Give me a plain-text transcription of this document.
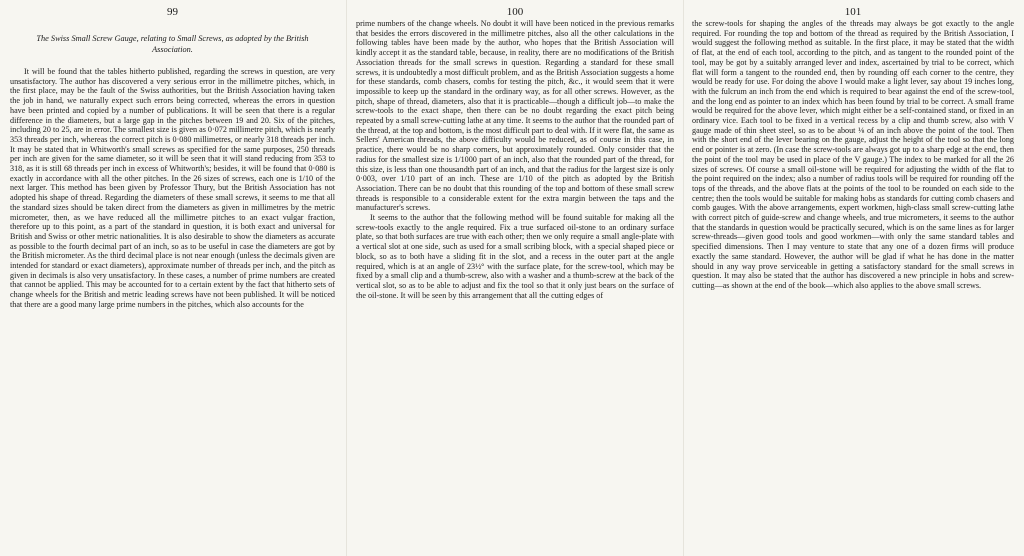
99
The Swiss Small Screw Gauge, relating to Small Screws, as adopted by the British Association.

It will be found that the tables hitherto published, regarding the screws in question, are very unsatisfactory. The author has discovered a very serious error in the millimetre pitches, which, in the first place, may be the fault of the Swiss authorities, but the British Association having taken the job in hand, we naturally expect such errors being corrected, whereas the errors in question have been printed and copied by a number of publications. It will be seen that there is a regular difference in the diameters, but a large gap in the pitches between 19 and 20. Six of the pitches, including 20 to 25, are in error. The smallest size is given as 0·072 millimetre pitch, which is nearly 353 threads per inch, whereas the correct pitch is 0·080 millimetres, or nearly 318 threads per inch. It may be stated that in Whitworth's small screws as specified for the same purposes, 250 threads per inch are given for the same diameter, so it will be seen that it will stand reducing from 353 to 318, as it is still 68 threads per inch in excess of Whitworth's; besides, it will be found that 0·080 is exactly in accordance with all the other pitches. In the 26 sizes of screws, each one is 1/10 of the next larger. This method has been given by Professor Thury, but the British Association has not adopted his shape of thread. Regarding the diameters of these small screws, it seems to me that all the standard sizes should be taken direct from the diameters as given in millimetres by the metric micrometer, then, as we have reduced all the millimetre pitches to an exact vulgar fraction, therefore up to this point, as a part of the standard in question, it is both exact and universal for British and Swiss or other metric nationalities. It is also desirable to show the diameters as accurate as possible to the fourth decimal part of an inch, so as to be useful in case the diameters are got by the British micrometer. As the third decimal place is not near enough (unless the decimals given are intended for standard or exact diameters), approximate number of threads per inch, and the pitch as given in decimals is also very unsatisfactory. In these cases, a number of prime numbers are created that cannot be applied. This may be accounted for to a certain extent by the fact that hitherto sets of change wheels for the British and metric leading screws have not been published. It will be noticed that there are a good many large prime numbers in the pitches, which also accounts for the

100

prime numbers of the change wheels. No doubt it will have been noticed in the previous remarks that besides the errors discovered in the millimetre pitches, also all the other calculations in the following tables have been made by the author, who hopes that the British Association will kindly accept it as the standard table, because, in reality, there are no modifications of the British Association threads for the small screws in question. Regarding a standard for these small screws, it is undoubtedly a most difficult problem, and as the British Association suggests a home for these standards, comb chasers, combs for testing the pitch, &c., it would seem that it were impossible to keep up the standard in the ordinary way, as for all other screws. However, as the pitch, shape of thread, diameters, also that it is practicable—though a difficult job—to make the screw-tools to the exact shape, then there can be no doubt regarding the exact pitch being repeated by a small screw-cutting lathe at any time. It seems to the author that the rounded part of the thread, at the top and bottom, is the most difficult part to deal with. If it were flat, the same as Sellers' American threads, the above difficulty would be reduced, as of course in this case, in practice, there would be no sharp corners, but approximately rounded. Only consider that the radius for the smallest size is 1/1000 part of an inch, also that the rounded part of the thread, for this size, is less than one thousandth part of an inch, and that the radius for the largest size is only 0·003, over 1/10 part of an inch. These are 1/10 of the pitch as adopted by the British Association. There can be no doubt that this rounding of the top and bottom of these small screw threads is responsible to a considerable extent for the extra margin between the taps and the manufacturer's screws.

It seems to the author that the following method will be found suitable for making all the screw-tools exactly to the angle required. Fix a true surfaced oil-stone to an ordinary surface plate, so that both surfaces are true with each other; then we only require a small angle-plate with a vertical slot at one side, such as used for a small scribing block, with a special shaped piece or block, so as to both have a sliding fit in the slot, and a recess in the outer part at the angle required, which is at an angle of 23½° with the surface plate, for the screw-tool, which may be fixed by a small clip and a thumb-screw, also with a washer and a thumb-screw at the back of the vertical slot, so as to be able to adjust and fix the tool so that it only just bears on the surface of the oil-stone. It will be seen by this arrangement that all the cutting edges of

101

the screw-tools for shaping the angles of the threads may always be got exactly to the angle required. For rounding the top and bottom of the thread as required by the British Association, I would suggest the following method as suitable. In the first place, it may be stated that the width of flat, at the end of each tool, according to the pitch, and as tangent to the rounded point of the tool, may be got by a suitably arranged lever and index, ascertained by trial to be correct, which flat will form a tangent to the rounded end, then by rounding off each corner to the centre, they would be ready for use. For doing the above I would make a light lever, say about 19 inches long, with the fulcrum an inch from the end which is required to bear against the end of the screw-tool, and the long end as pointer to an index which has been found by trial to be correct. A small frame would be required for the above lever, which might either be a self-contained stand, or fixed in an ordinary vice. Each tool to be fixed in a vertical recess by a clip and thumb screw, also with V gauge made of thin sheet steel, so as to be about ⅛ of an inch above the point of the tool. Then with the short end of the lever bearing on the gauge, adjust the height of the tool so that the long end or pointer is at zero. (In case the screw-tools are always got up to a sharp edge at the end, then the point of the tool may be used in place of the V gauge.) The index to be marked for all the 26 sizes of screws. Of course a small oil-stone will be required for adjusting the width of the flat to the point required on the index; also a number of radius tools will be required for rounding off the tops of the threads, and the above flats at the points of the tool to be rounded on each side to the centre; then the tools would be suitable for making hobs as standards for cutting comb chasers and comb gauges. With the above arrangements, expert workmen, high-class small screw-cutting lathe with correct pitch of guide-screw and change wheels, and true micrometers, it seems to the author that the standards in question would be practically secured, which is on the same lines as for larger screw-threads—given good tools and good workmen—with only the same standard tables and specified dimensions. Then I may venture to state that any one of a dozen firms will produce exactly the same standard. However, the author will be glad if what he has done in the matter should in any way prove serviceable in getting a satisfactory standard for the small screws in question. It may also be stated that the author has discovered a new principle in hobs and screw-cutting—as shown at the end of the book—which also applies to the above small screws.
